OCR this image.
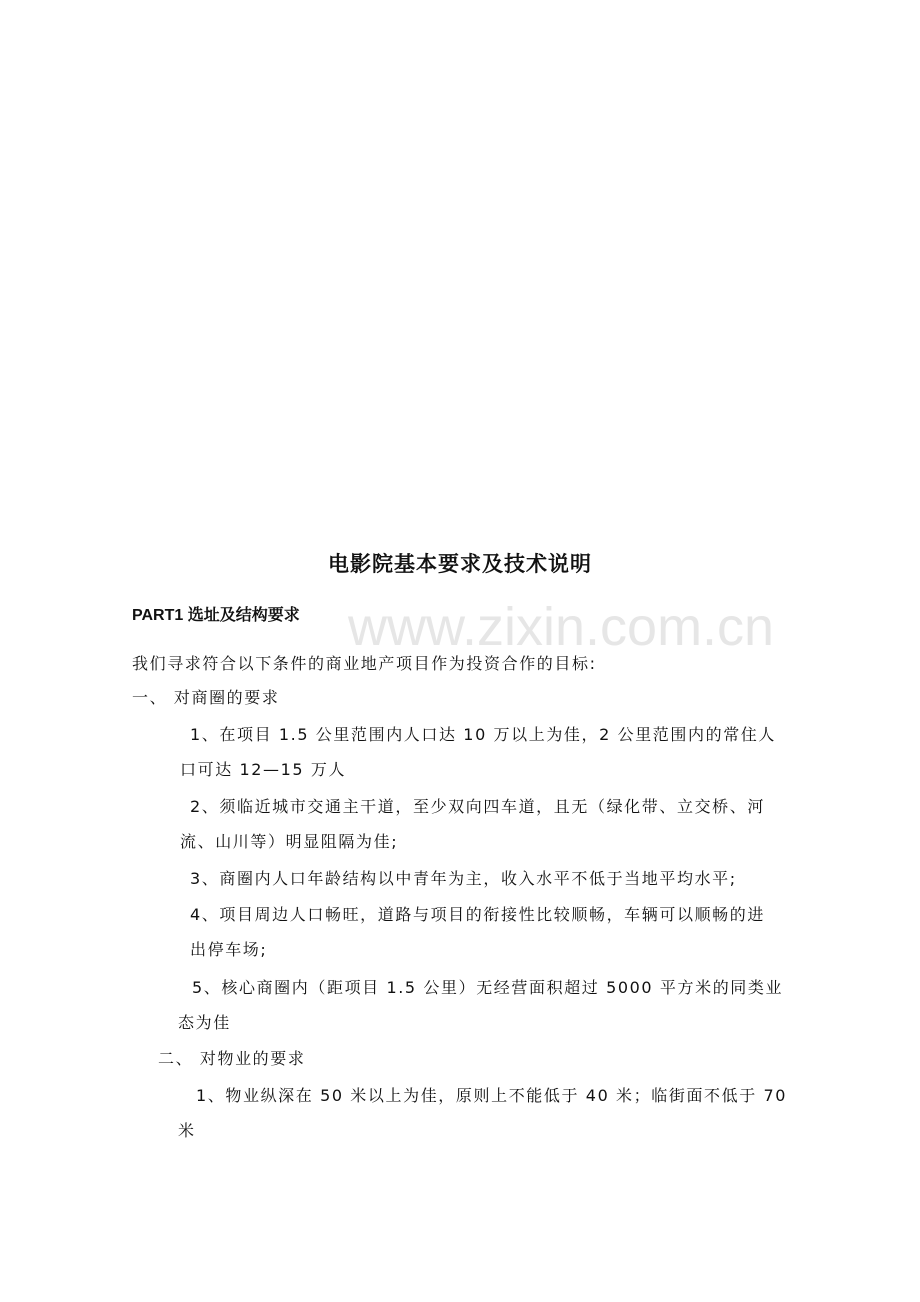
www.zixin.com.cn
电影院基本要求及技术说明
PART1 选址及结构要求
我们寻求符合以下条件的商业地产项目作为投资合作的目标:
一、 对商圈的要求
1、在项目 1.5 公里范围内人口达 10 万以上为佳，2 公里范围内的常住人
口可达 12—15 万人
2、须临近城市交通主干道，至少双向四车道，且无（绿化带、立交桥、河
流、山川等）明显阻隔为佳;
3、商圈内人口年龄结构以中青年为主，收入水平不低于当地平均水平;
4、项目周边人口畅旺，道路与项目的衔接性比较顺畅，车辆可以顺畅的进
出停车场;
5、核心商圈内（距项目 1.5 公里）无经营面积超过 5000 平方米的同类业
态为佳
二、 对物业的要求
1、物业纵深在 50 米以上为佳，原则上不能低于 40 米；临街面不低于 70
米
